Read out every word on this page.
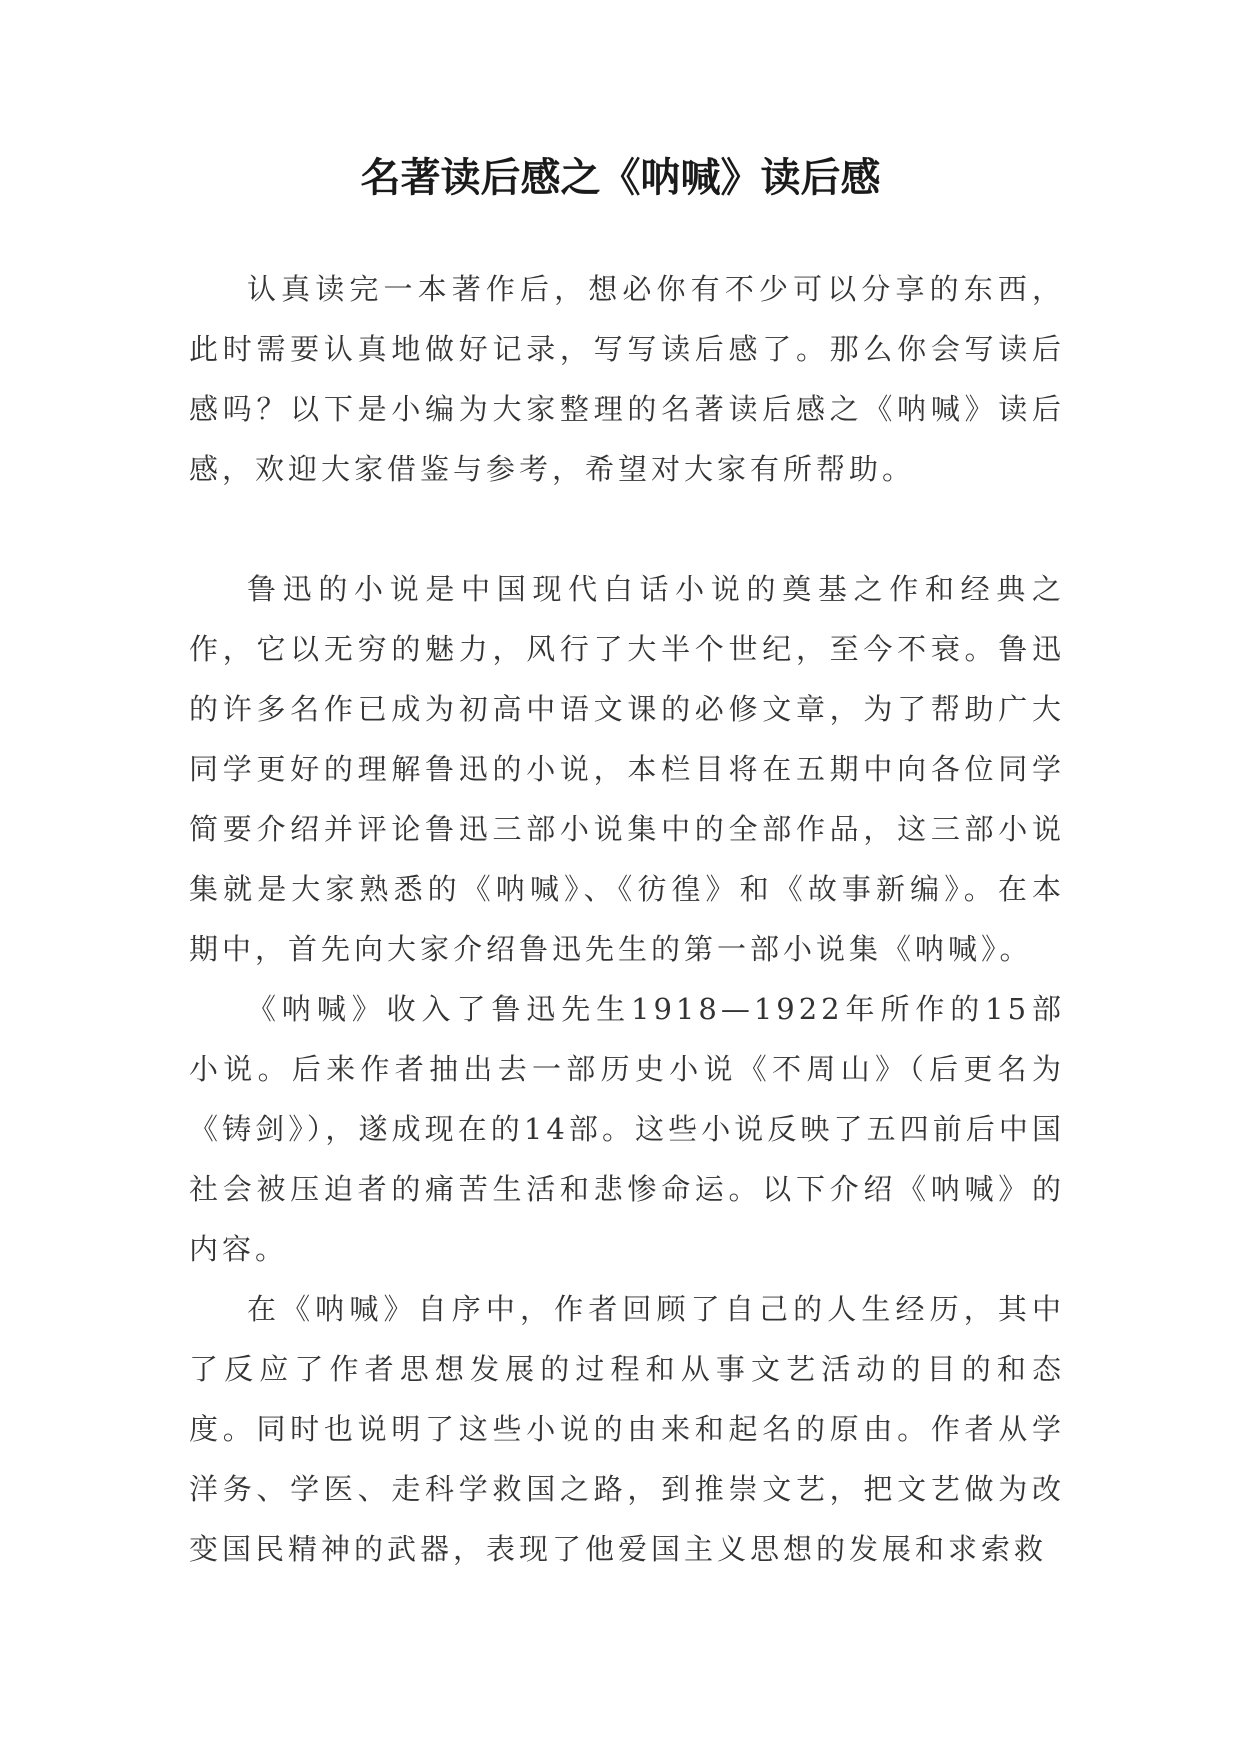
名著读后感之《呐喊》读后感

认真读完一本著作后，想必你有不少可以分享的东西，此时需要认真地做好记录，写写读后感了。那么你会写读后感吗？以下是小编为大家整理的名著读后感之《呐喊》读后感，欢迎大家借鉴与参考，希望对大家有所帮助。

鲁迅的小说是中国现代白话小说的奠基之作和经典之作，它以无穷的魅力，风行了大半个世纪，至今不衰。鲁迅的许多名作已成为初高中语文课的必修文章，为了帮助广大同学更好的理解鲁迅的小说，本栏目将在五期中向各位同学简要介绍并评论鲁迅三部小说集中的全部作品，这三部小说集就是大家熟悉的《呐喊》、《彷徨》和《故事新编》。在本期中，首先向大家介绍鲁迅先生的第一部小说集《呐喊》。

《呐喊》收入了鲁迅先生1918—1922年所作的15部小说。后来作者抽出去一部历史小说《不周山》（后更名为《铸剑》），遂成现在的14部。这些小说反映了五四前后中国社会被压迫者的痛苦生活和悲惨命运。以下介绍《呐喊》的内容。

在《呐喊》自序中，作者回顾了自己的人生经历，其中了反应了作者思想发展的过程和从事文艺活动的目的和态度。同时也说明了这些小说的由来和起名的原由。作者从学洋务、学医、走科学救国之路，到推崇文艺，把文艺做为改变国民精神的武器，表现了他爱国主义思想的发展和求索救
